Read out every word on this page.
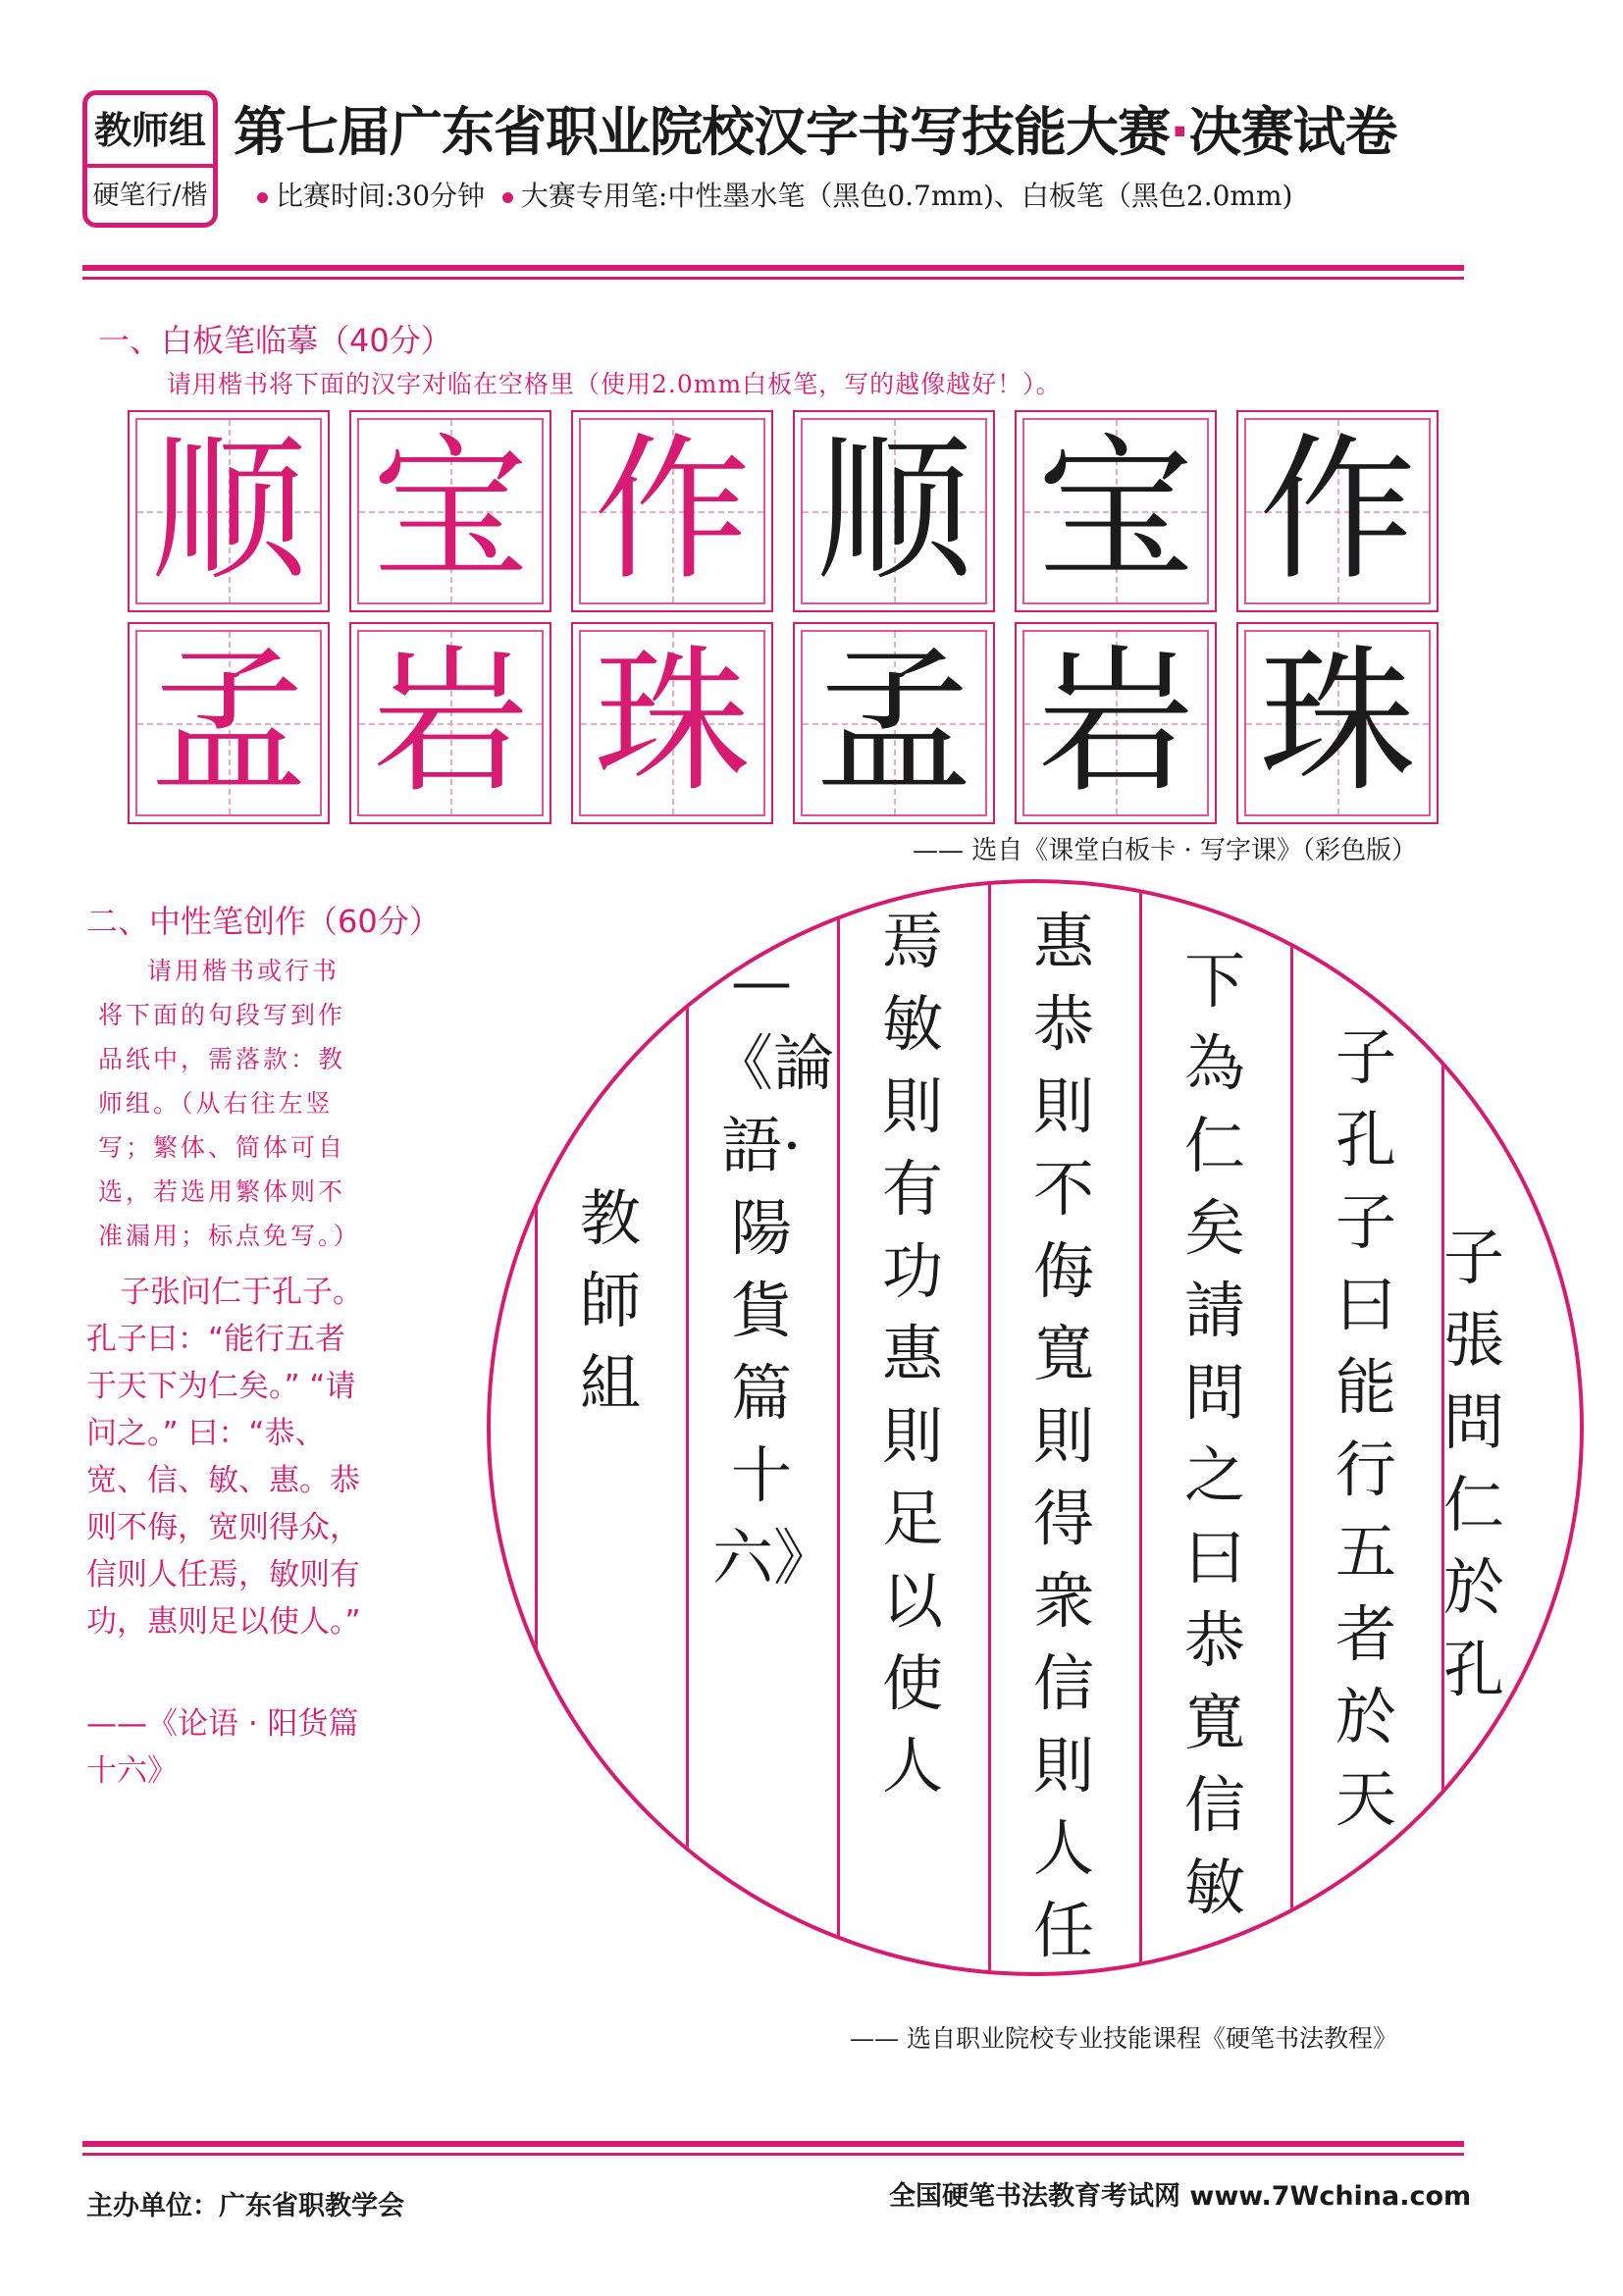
教师组
硬笔行/楷
第七届广东省职业院校汉字书写技能大赛·决赛试卷
比赛时间:30分钟 大赛专用笔:中性墨水笔（黑色0.7mm)、白板笔（黑色2.0mm)
一、白板笔临摹（40分）
请用楷书将下面的汉字对临在空格里（使用2.0mm白板笔，写的越像越好！）。
顺 宝 作 顺 宝 作
孟 岩 珠 孟 岩 珠
—— 选自《课堂白板卡 · 写字课》（彩色版）
二、中性笔创作（60分）
请用楷书或行书将下面的句段写到作品纸中，需落款：教师组。（从右往左竖写；繁体、简体可自选，若选用繁体则不准漏用；标点免写。）
子张问仁于孔子。孔子曰：“能行五者于天下为仁矣。” “请问之。” 曰：“恭、宽、信、敏、惠。恭则不侮，宽则得众，信则人任焉，敏则有功，惠则足以使人。”
——《论语 · 阳货篇十六》
子張問仁於孔
子孔子曰能行五者於天
下為仁矣請問之曰恭寬信敏
惠恭則不侮寬則得衆信則人任
焉敏則有功惠則足以使人
—《論語·陽貨篇十六》
教師組
—— 选自职业院校专业技能课程《硬笔书法教程》
主办单位：广东省职教学会	全国硬笔书法教育考试网 www.7Wchina.com
